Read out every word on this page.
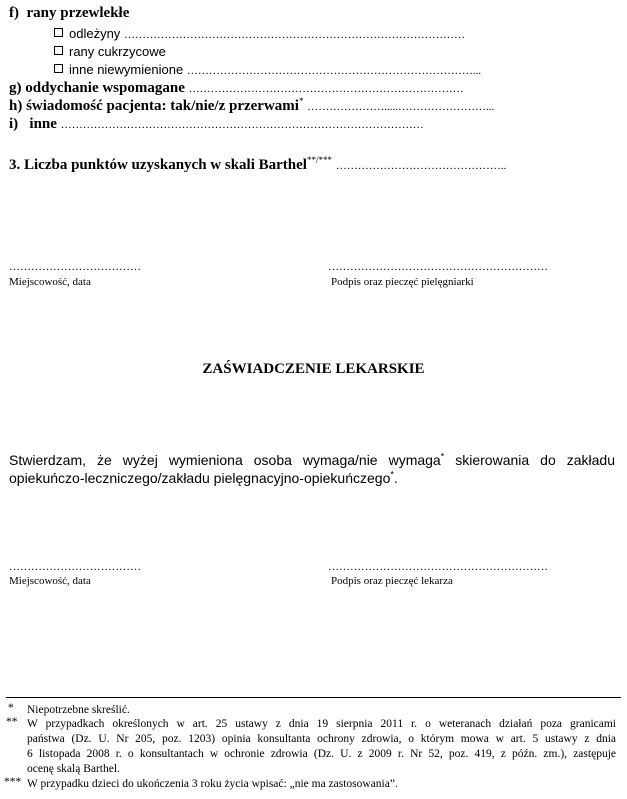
f)  rany przewlekłe
odleżyny …………………………………………………………………………………
rany cukrzycowe
inne niewymienione ……………………………………………………………………...
g) oddychanie wspomagane …………………………………………………………………
h) świadomość pacjenta: tak/nie/z przerwami* ………………….....……………………...
i)   inne ………………………………………………………………………………………
3. Liczba punktów uzyskanych w skali Barthel**/*** ………………………………………..
………………………………
Miejscowość, data
……………………………………………………
Podpis oraz pieczęć pielęgniarki
ZAŚWIADCZENIE LEKARSKIE
Stwierdzam, że wyżej wymieniona osoba wymaga/nie wymaga* skierowania do zakładu
opiekuńczo-leczniczego/zakładu pielęgnacyjno-opiekuńczego*.
………………………………
Miejscowość, data
……………………………………………………
Podpis oraz pieczęć lekarza
* Niepotrzebne skreślić.
** W przypadkach określonych w art. 25 ustawy z dnia 19 sierpnia 2011 r. o weteranach działań poza granicami
państwa (Dz. U. Nr 205, poz. 1203) opinia konsultanta ochrony zdrowia, o którym mowa w art. 5 ustawy z dnia
6 listopada 2008 r. o konsultantach w ochronie zdrowia (Dz. U. z 2009 r. Nr 52, poz. 419, z późn. zm.), zastępuje
ocenę skalą Barthel.
*** W przypadku dzieci do ukończenia 3 roku życia wpisać: „nie ma zastosowania”.
